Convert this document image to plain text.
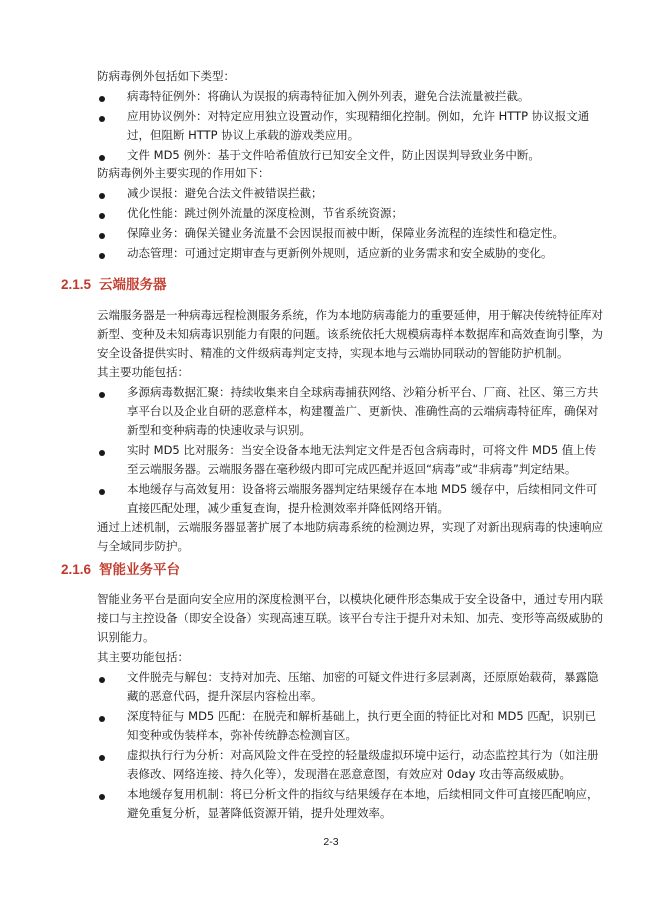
防病毒例外包括如下类型：
病毒特征例外：将确认为误报的病毒特征加入例外列表，避免合法流量被拦截。
应用协议例外：对特定应用独立设置动作，实现精细化控制。例如，允许 HTTP 协议报文通过，但阻断 HTTP 协议上承载的游戏类应用。
文件 MD5 例外：基于文件哈希值放行已知安全文件，防止因误判导致业务中断。
防病毒例外主要实现的作用如下：
减少误报：避免合法文件被错误拦截；
优化性能：跳过例外流量的深度检测，节省系统资源；
保障业务：确保关键业务流量不会因误报而被中断，保障业务流程的连续性和稳定性。
动态管理：可通过定期审查与更新例外规则，适应新的业务需求和安全威胁的变化。
2.1.5 云端服务器
云端服务器是一种病毒远程检测服务系统，作为本地防病毒能力的重要延伸，用于解决传统特征库对新型、变种及未知病毒识别能力有限的问题。该系统依托大规模病毒样本数据库和高效查询引擎，为安全设备提供实时、精准的文件级病毒判定支持，实现本地与云端协同联动的智能防护机制。
其主要功能包括：
多源病毒数据汇聚：持续收集来自全球病毒捕获网络、沙箱分析平台、厂商、社区、第三方共享平台以及企业自研的恶意样本，构建覆盖广、更新快、准确性高的云端病毒特征库，确保对新型和变种病毒的快速收录与识别。
实时 MD5 比对服务：当安全设备本地无法判定文件是否包含病毒时，可将文件 MD5 值上传至云端服务器。云端服务器在毫秒级内即可完成匹配并返回“病毒”或“非病毒”判定结果。
本地缓存与高效复用：设备将云端服务器判定结果缓存在本地 MD5 缓存中，后续相同文件可直接匹配处理，减少重复查询，提升检测效率并降低网络开销。
通过上述机制，云端服务器显著扩展了本地防病毒系统的检测边界，实现了对新出现病毒的快速响应与全域同步防护。
2.1.6 智能业务平台
智能业务平台是面向安全应用的深度检测平台，以模块化硬件形态集成于安全设备中，通过专用内联接口与主控设备（即安全设备）实现高速互联。该平台专注于提升对未知、加壳、变形等高级威胁的识别能力。
其主要功能包括：
文件脱壳与解包：支持对加壳、压缩、加密的可疑文件进行多层剥离，还原原始载荷，暴露隐藏的恶意代码，提升深层内容检出率。
深度特征与 MD5 匹配：在脱壳和解析基础上，执行更全面的特征比对和 MD5 匹配，识别已知变种或伪装样本，弥补传统静态检测盲区。
虚拟执行行为分析：对高风险文件在受控的轻量级虚拟环境中运行，动态监控其行为（如注册表修改、网络连接、持久化等），发现潜在恶意意图，有效应对 0day 攻击等高级威胁。
本地缓存复用机制：将已分析文件的指纹与结果缓存在本地，后续相同文件可直接匹配响应，避免重复分析，显著降低资源开销，提升处理效率。
2-3
